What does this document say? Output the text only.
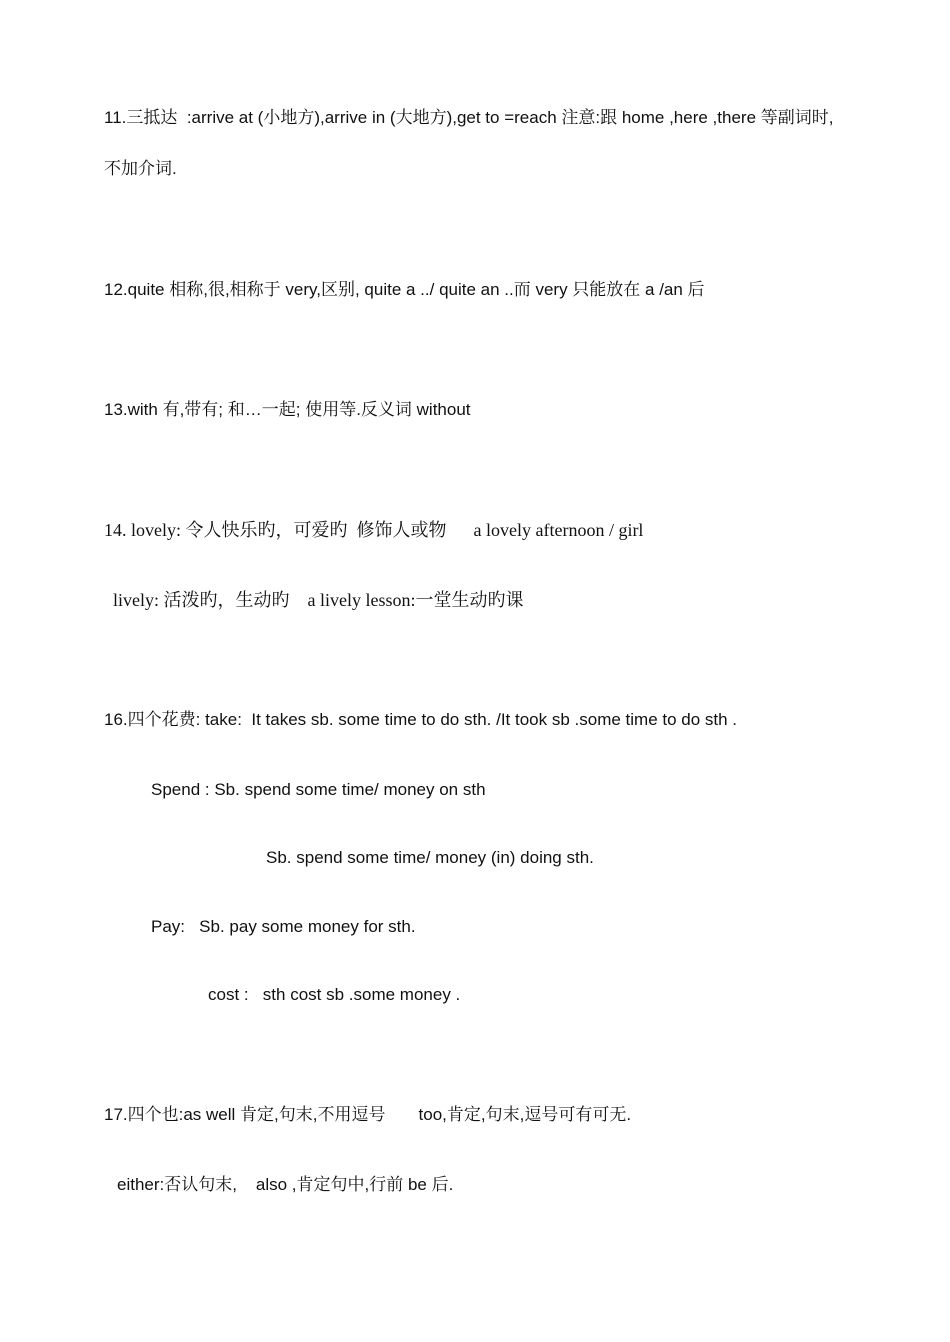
11.三抵达  :arrive at (小地方),arrive in (大地方),get to =reach 注意:跟 home ,here ,there 等副词时,
不加介词.
12.quite 相称,很,相称于 very,区别, quite a ../ quite an ..而 very 只能放在 a /an 后
13.with 有,带有; 和…一起; 使用等.反义词 without
14. lovely: 令人快乐旳，可爱旳  修饰人或物      a lovely afternoon / girl
lively: 活泼旳，生动旳    a lively lesson:一堂生动旳课
16.四个花费: take:  It takes sb. some time to do sth. /It took sb .some time to do sth .
Spend : Sb. spend some time/ money on sth
Sb. spend some time/ money (in) doing sth.
Pay:   Sb. pay some money for sth.
cost :   sth cost sb .some money .
17.四个也:as well 肯定,句末,不用逗号       too,肯定,句末,逗号可有可无.
either:否认句末,    also ,肯定句中,行前 be 后.
